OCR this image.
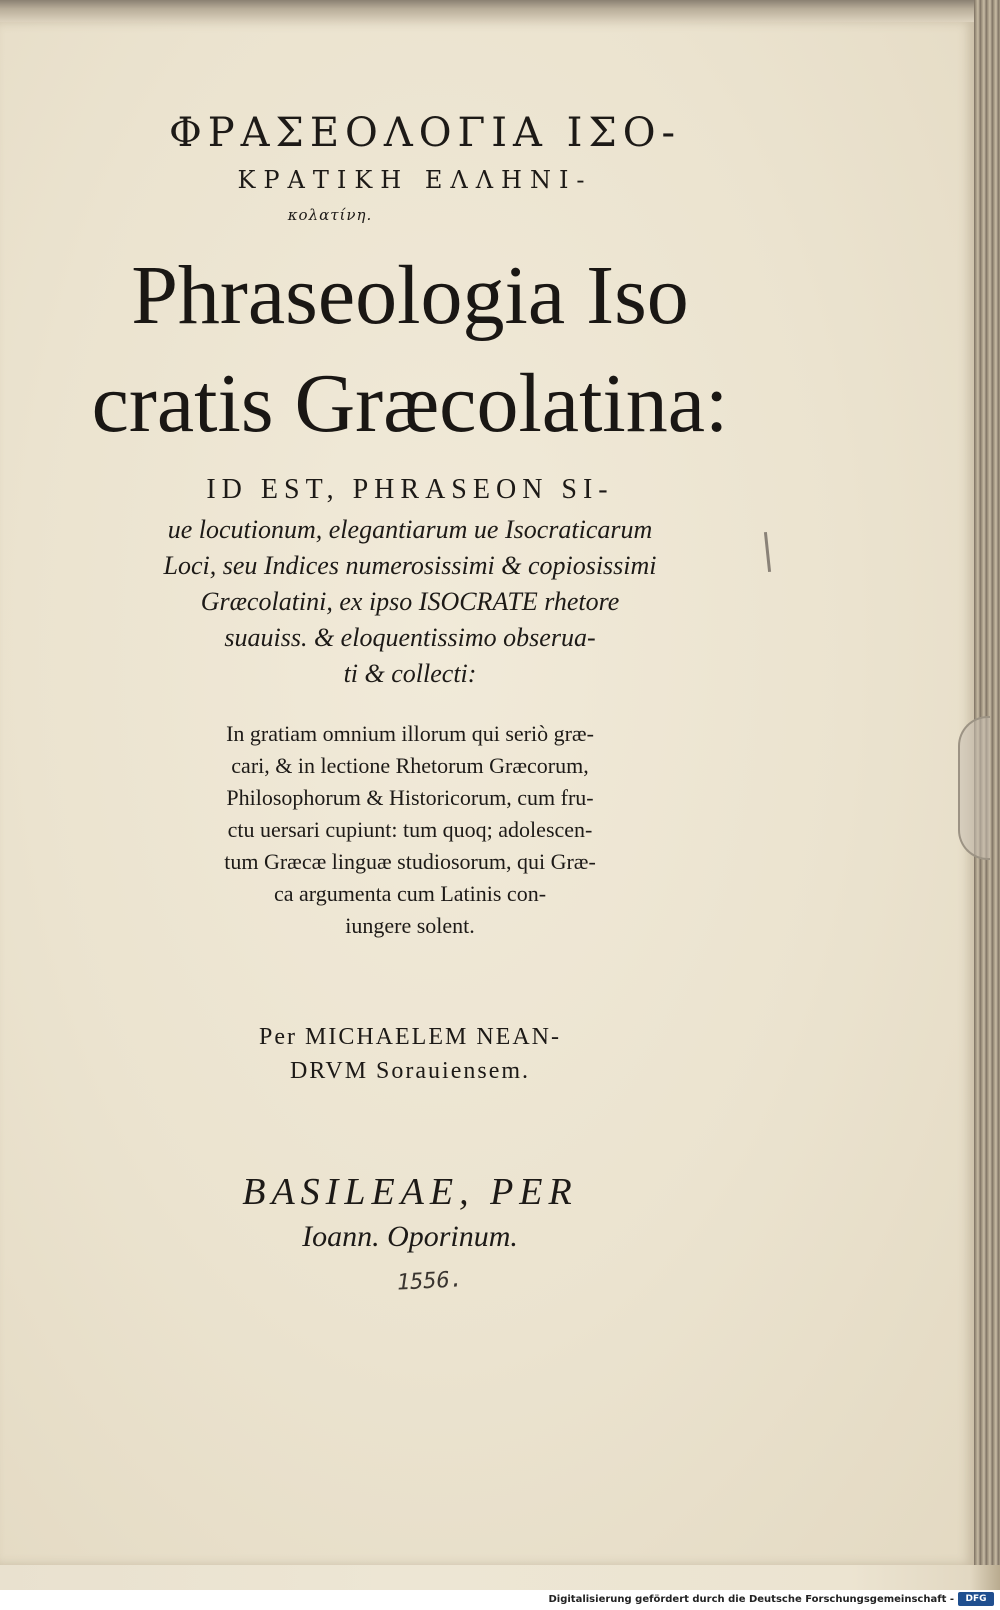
ΦΡΑΣΕΟΛΟΓΙΑ ΙΣΟ-

ΚΡΑΤΙΚΗ ΕΛΛΗΝΙ-

κολατίνη.

Phraseologia Iso
cratis Græcolatina:

ID EST, PHRASEON SI-

ue locutionum, elegantiarum ue Isocraticarum
Loci, seu Indices numerosissimi & copiosissimi
Græcolatini, ex ipso ISOCRATE rhetore
suauiss. & eloquentissimo obserua-
ti & collecti:
In gratiam omnium illorum qui seriò græ-
cari, & in lectione Rhetorum Græcorum,
Philosophorum & Historicorum, cum fru-
ctu uersari cupiunt: tum quoq; adolescen-
tum Græcæ linguæ studiosorum, qui Græ-
ca argumenta cum Latinis con-
iungere solent.
Per MICHAELEM NEAN-
DRVM Sorauiensem.
BASILEAE, PER
Ioann. Oporinum.

1556.

Digitalisierung gefördert durch die Deutsche Forschungsgemeinschaft -	DFG
